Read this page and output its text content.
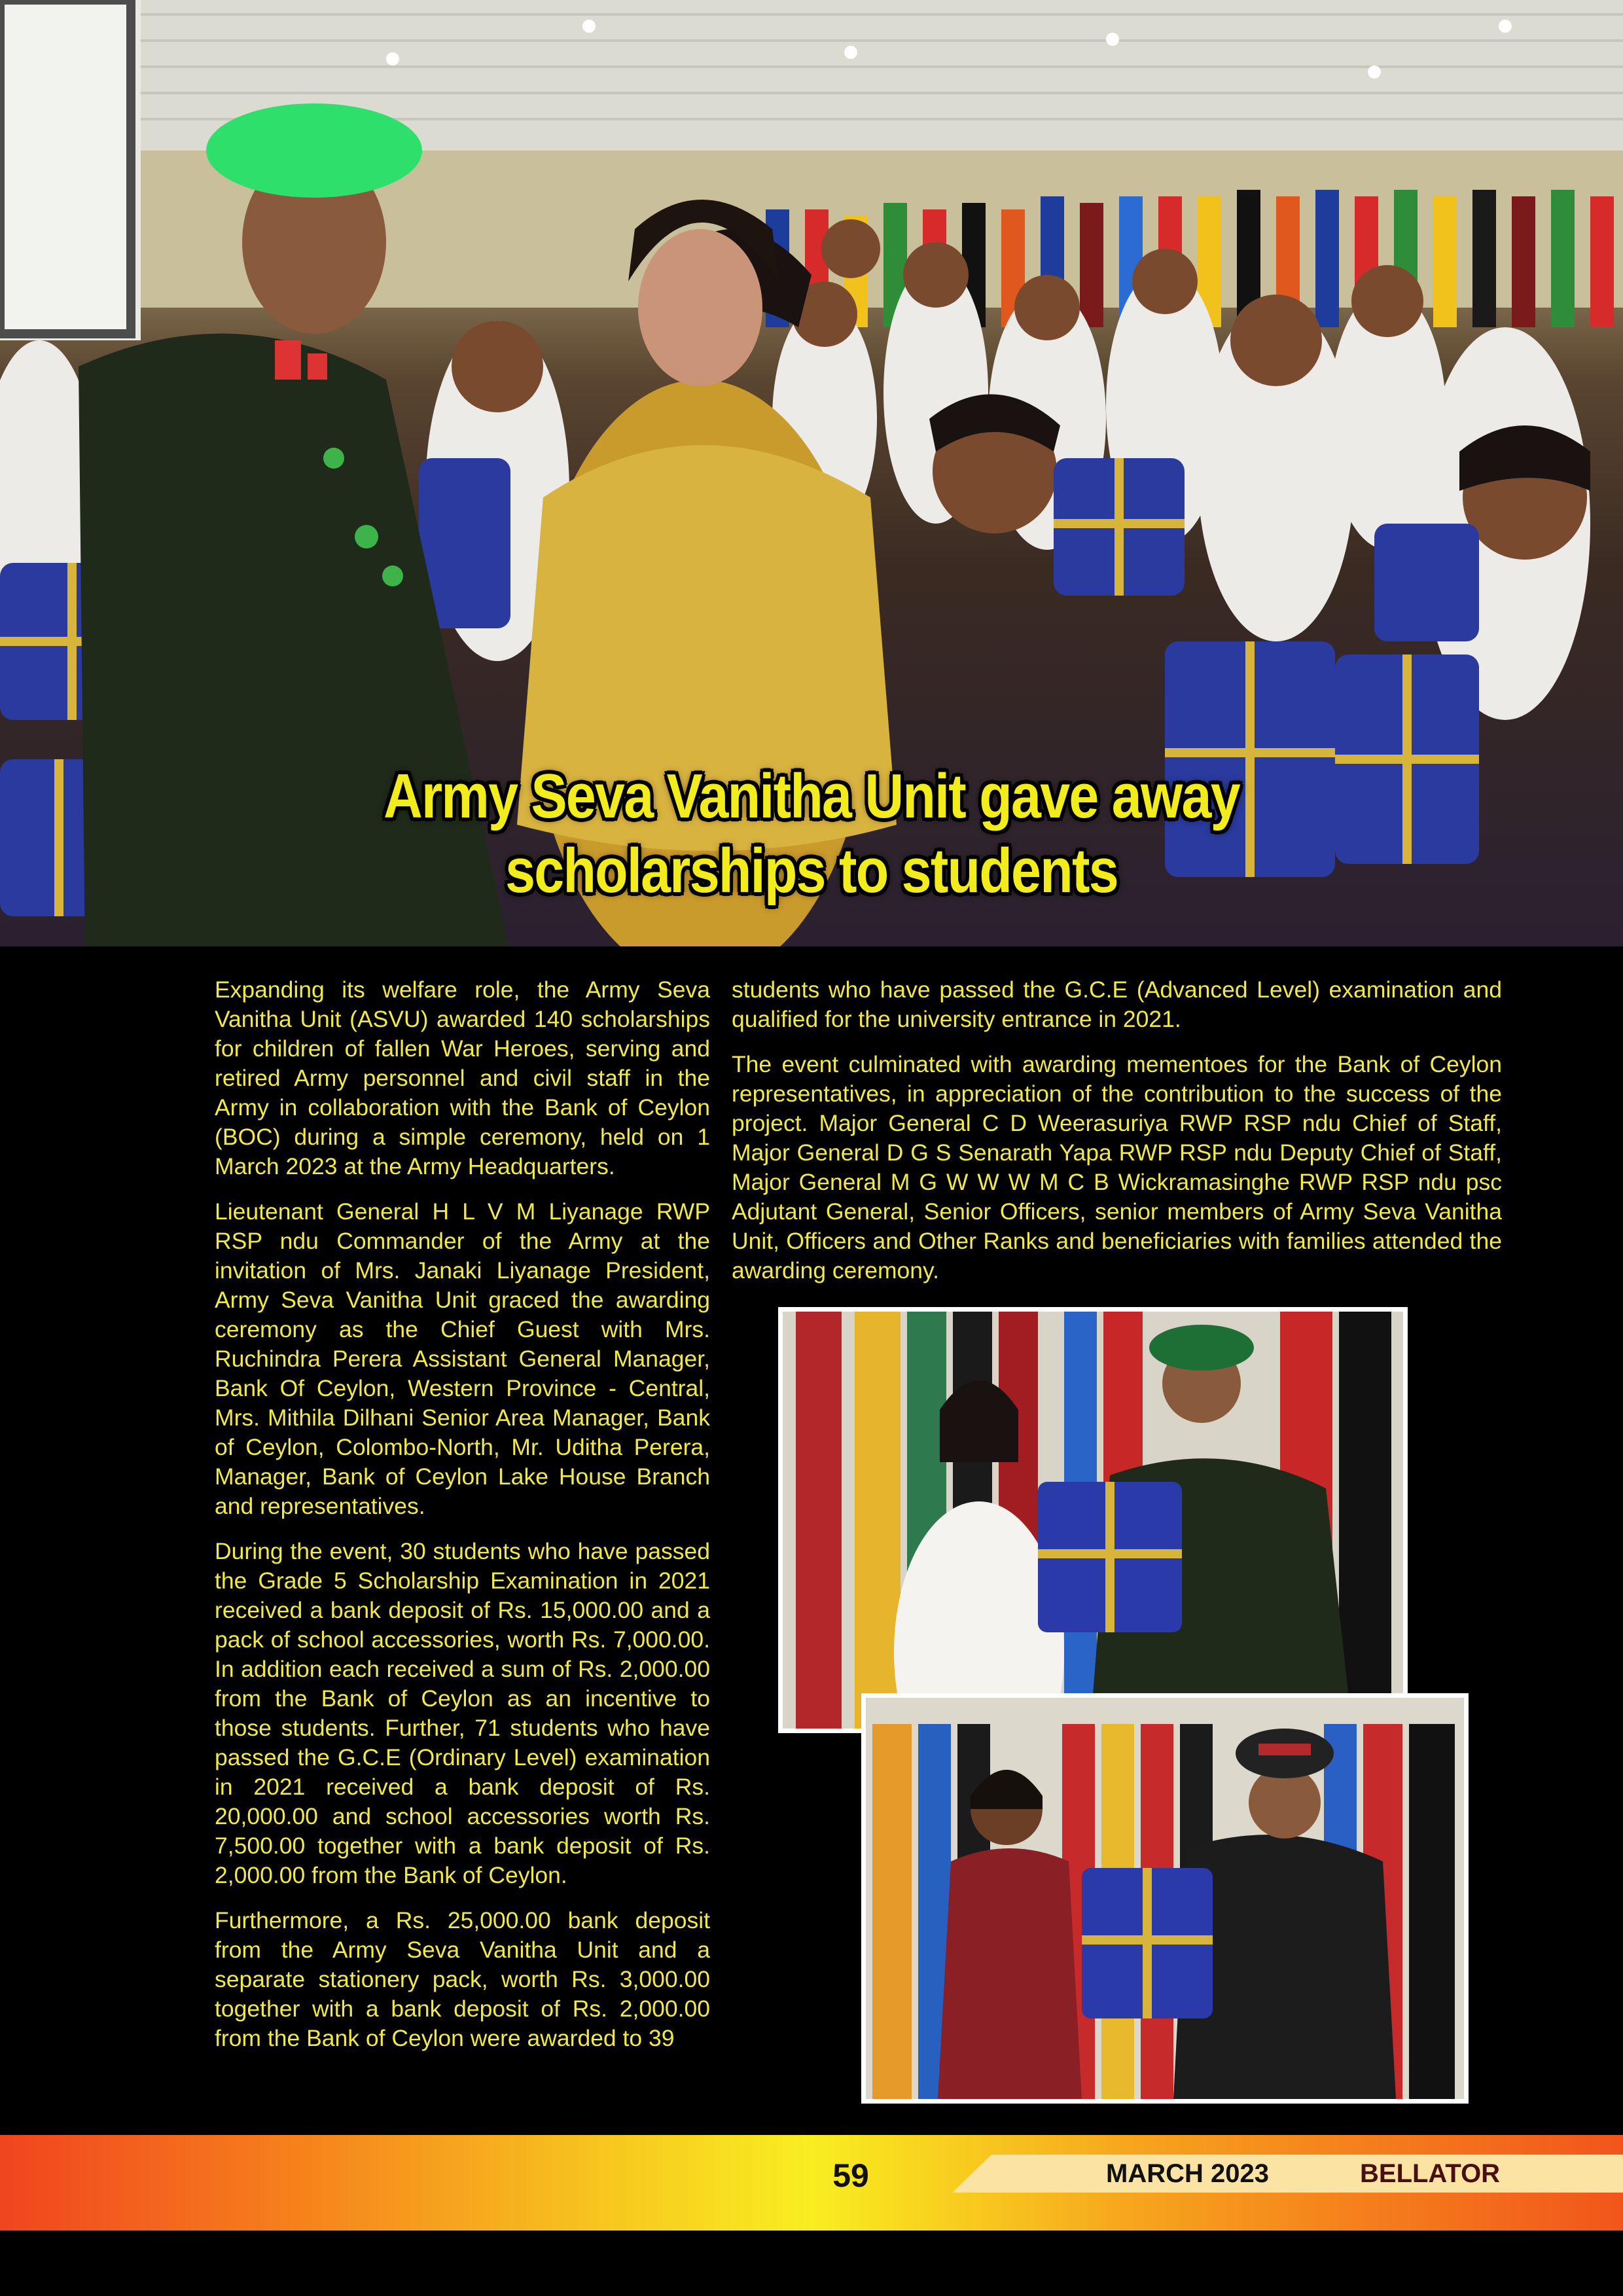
Army Seva Vanitha Unit gave away
scholarships to students

Expanding its welfare role, the Army Seva Vanitha Unit (ASVU) awarded 140 scholarships for children of fallen War Heroes, serving and retired Army personnel and civil staff in the Army in collaboration with the Bank of Ceylon (BOC) during a simple ceremony, held on 1 March 2023 at the Army Headquarters.

Lieutenant General H L V M Liyanage RWP RSP ndu Commander of the Army at the invitation of Mrs. Janaki Liyanage President, Army Seva Vanitha Unit graced the awarding ceremony as the Chief Guest with Mrs. Ruchindra Perera Assistant General Manager, Bank Of Ceylon, Western Province - Central, Mrs. Mithila Dilhani Senior Area Manager, Bank of Ceylon, Colombo-North, Mr. Uditha Perera, Manager, Bank of Ceylon Lake House Branch and representatives.

During the event, 30 students who have passed the Grade 5 Scholarship Examination in 2021 received a bank deposit of Rs. 15,000.00 and a pack of school accessories, worth Rs. 7,000.00. In addition each received a sum of Rs. 2,000.00 from the Bank of Ceylon as an incentive to those students. Further, 71 students who have passed the G.C.E (Ordinary Level) examination in 2021 received a bank deposit of Rs. 20,000.00 and school accessories worth Rs. 7,500.00 together with a bank deposit of Rs. 2,000.00 from the Bank of Ceylon.

Furthermore, a Rs. 25,000.00 bank deposit from the Army Seva Vanitha Unit and a separate stationery pack, worth Rs. 3,000.00 together with a bank deposit of Rs. 2,000.00 from the Bank of Ceylon were awarded to 39

students who have passed the G.C.E (Advanced Level) examination and qualified for the university entrance in 2021.

The event culminated with awarding mementoes for the Bank of Ceylon representatives, in appreciation of the contribution to the success of the project. Major General C D Weerasuriya RWP RSP ndu Chief of Staff, Major General D G S Senarath Yapa RWP RSP ndu Deputy Chief of Staff, Major General M G W W W M C B Wickramasinghe RWP RSP ndu psc Adjutant General, Senior Officers, senior members of Army Seva Vanitha Unit, Officers and Other Ranks and beneficiaries with families attended the awarding ceremony.

59	MARCH 2023	BELLATOR
